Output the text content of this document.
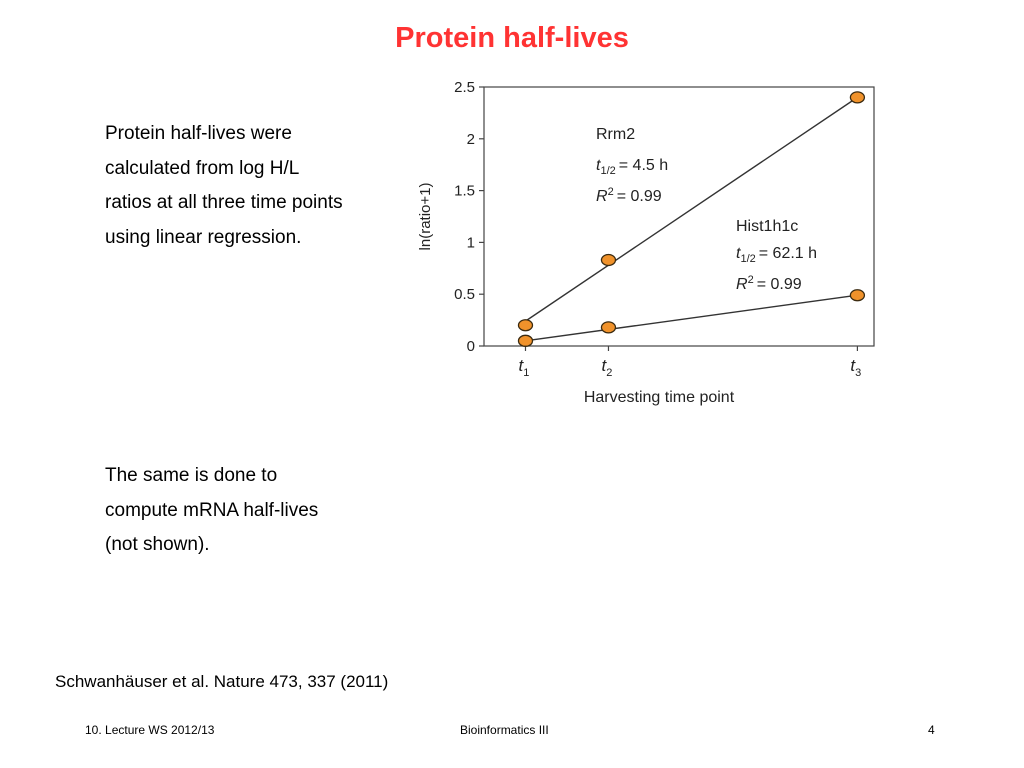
Protein half-lives
Protein half-lives were calculated from log H/L ratios at all three time points using linear regression.
The same is done to compute mRNA half-lives (not shown).
$t_3$
$t_2$
$t_1$
2.5
2
1.5
1
0.5
0
ln(ratio+1)
Harvesting time point
Rrm2
$t_{1/2} = 4.5$ h
$R^2 = 0.99$
Hist1h1c
$t_{1/2} = 62.1$ h
$R^2 = 0.99$
Schwanhäuser et al. Nature 473, 337 (2011)
10. Lecture WS 2012/13	Bioinformatics III	4
